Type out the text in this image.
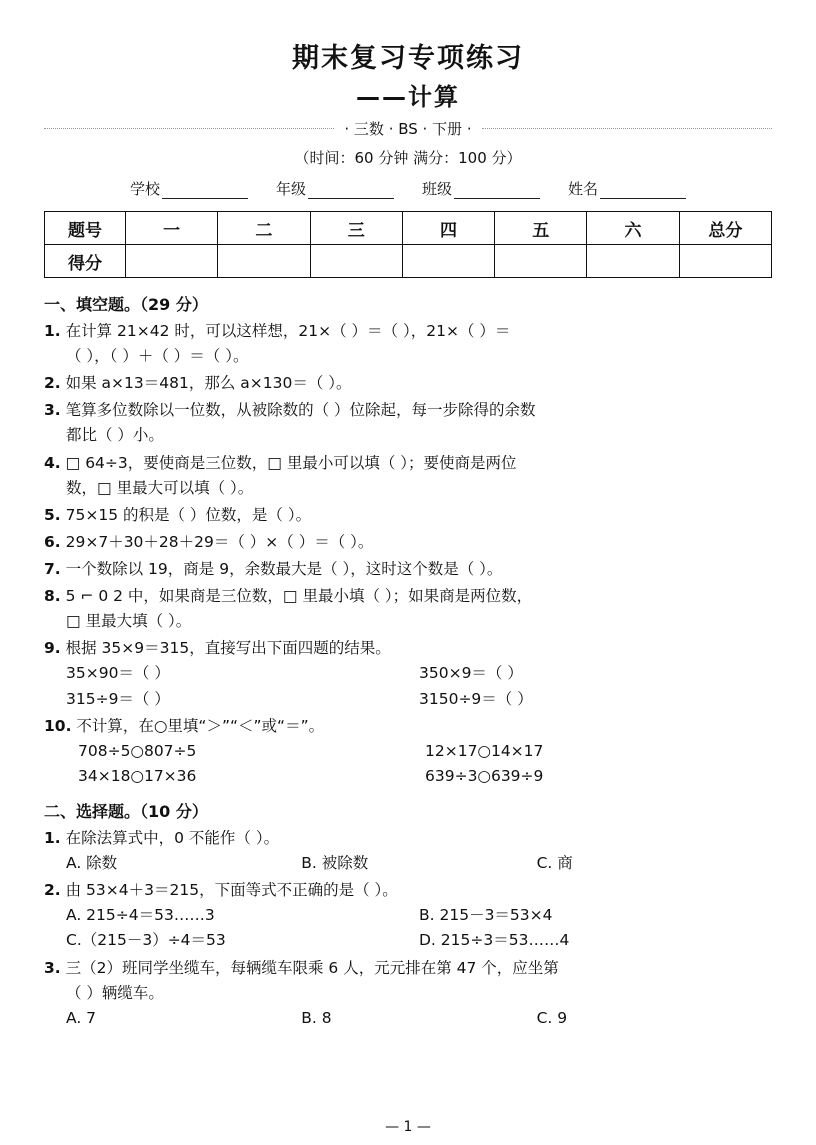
期末复习专项练习
——计算
· 三数 · BS · 下册 ·
（时间：60 分钟 满分：100 分）
学校	年级	班级	姓名
题号	一	二	三	四	五	六	总分
得分							
一、填空题。（29 分）
1. 在计算 21×42 时，可以这样想，21×（ ）＝（ ），21×（ ）＝
（ ），（ ）＋（ ）＝（ ）。
2. 如果 a×13＝481，那么 a×130＝（ ）。
3. 笔算多位数除以一位数，从被除数的（ ）位除起，每一步除得的余数
都比（ ）小。
4. □ 64÷3，要使商是三位数，□ 里最小可以填（ ）；要使商是两位
数，□ 里最大可以填（ ）。
5. 75×15 的积是（ ）位数，是（ ）。
6. 29×7＋30＋28＋29＝（ ）×（ ）＝（ ）。
7. 一个数除以 19，商是 9，余数最大是（ ），这时这个数是（ ）。
8. 5 ⌐ 0 2 中，如果商是三位数，□ 里最小填（ ）；如果商是两位数，
□ 里最大填（ ）。
9. 根据 35×9＝315，直接写出下面四题的结果。
35×90＝（ ）	350×9＝（ ）
315÷9＝（ ）	3150÷9＝（ ）
10. 不计算，在○里填“＞”“＜”或“＝”。
708÷5○807÷5	12×17○14×17
34×18○17×36	639÷3○639÷9
二、选择题。（10 分）
1. 在除法算式中，0 不能作（ ）。
A. 除数	B. 被除数	C. 商
2. 由 53×4＋3＝215，下面等式不正确的是（ ）。
A. 215÷4＝53……3	B. 215－3＝53×4
C.（215－3）÷4＝53	D. 215÷3＝53……4
3. 三（2）班同学坐缆车，每辆缆车限乘 6 人，元元排在第 47 个，应坐第
（ ）辆缆车。
A. 7	B. 8	C. 9
— 1 —
